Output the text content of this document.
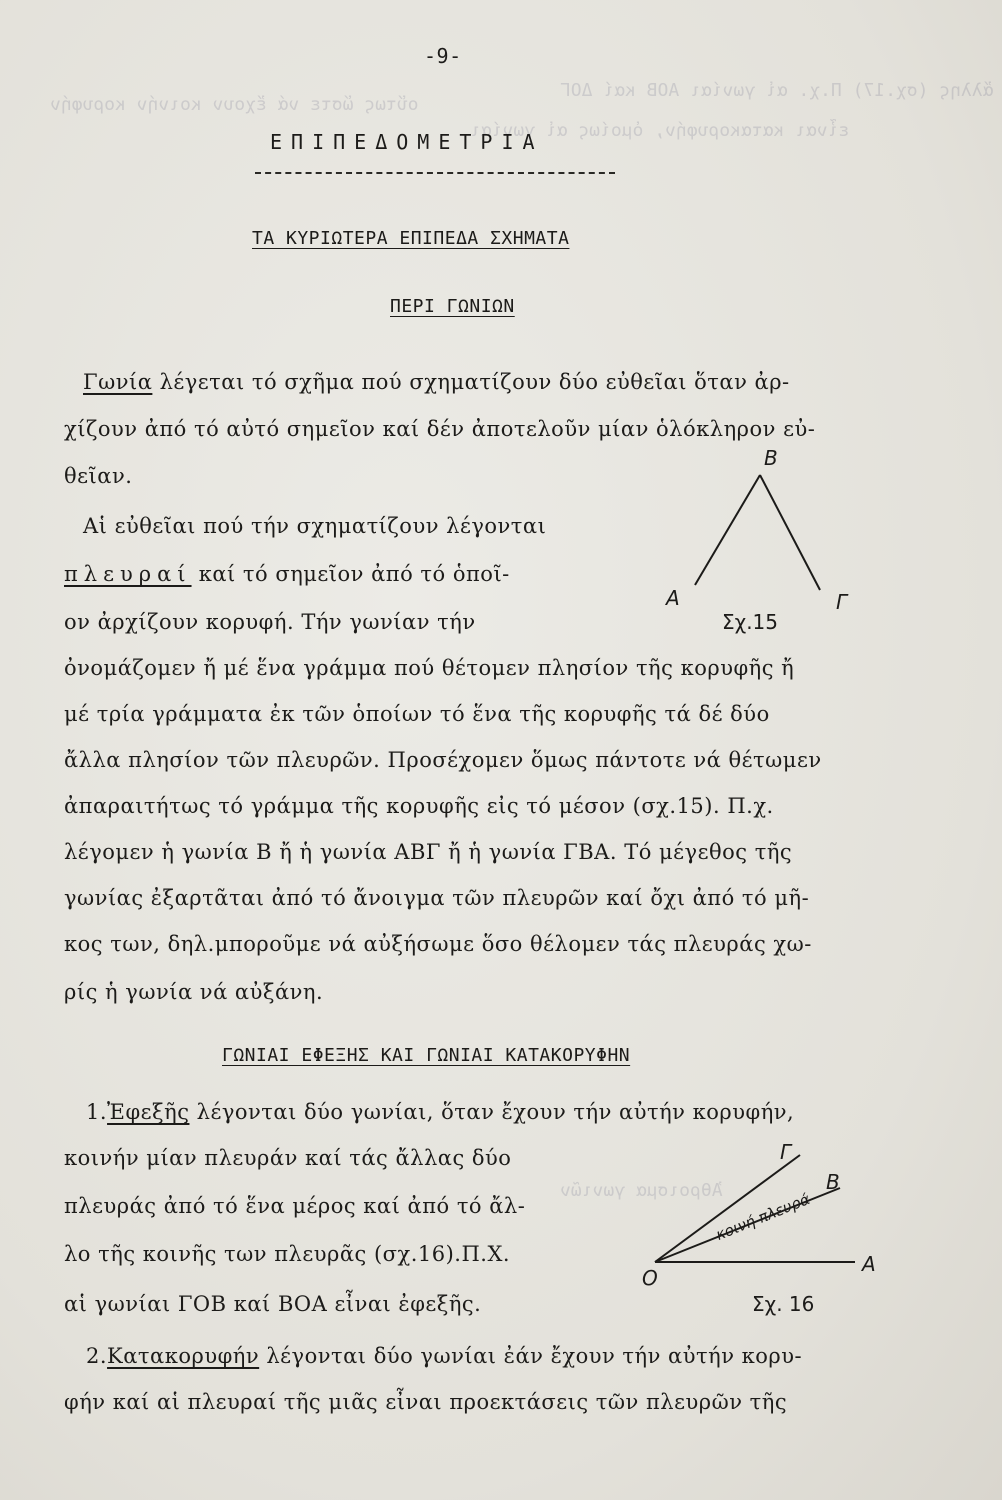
ἄλλης (σχ.17) Π.χ. αἱ γωνίαι ΑΟΒ καί ΔΟΓ
οὕτως ὥστε νά ἔχουν κοινήν κορυφήν
εἶναι κατακορυφήν, ὁμοίως αἱ γωνίαι
Ἀθροισμα γωνιῶν
-9-
ΕΠΙΠΕΔΟΜΕΤΡΙΑ
ΤΑ ΚΥΡΙΩΤΕΡΑ ΕΠΙΠΕΔΑ ΣΧΗΜΑΤΑ
ΠΕΡΙ ΓΩΝΙΩΝ
Γωνία λέγεται τό σχῆμα πού σχηματίζουν δύο εὐθεῖαι ὅταν ἀρ-
χίζουν ἀπό τό αὐτό σημεῖον καί δέν ἀποτελοῦν μίαν ὁλόκληρον εὐ-
θεῖαν.
Αἱ εὐθεῖαι πού τήν σχηματίζουν λέγονται
πλευραί καί τό σημεῖον ἀπό τό ὁποῖ-
ον ἀρχίζουν κορυφή. Τήν γωνίαν τήν
ὀνομάζομεν ἤ μέ ἕνα γράμμα πού θέτομεν πλησίον τῆς κορυφῆς ἤ
μέ τρία γράμματα ἐκ τῶν ὁποίων τό ἕνα τῆς κορυφῆς τά δέ δύο
ἄλλα πλησίον τῶν πλευρῶν. Προσέχομεν ὅμως πάντοτε νά θέτωμεν
ἀπαραιτήτως τό γράμμα τῆς κορυφῆς εἰς τό μέσον (σχ.15). Π.χ.
λέγομεν ἡ γωνία Β ἤ ἡ γωνία ΑΒΓ ἤ ἡ γωνία ΓΒΑ. Τό μέγεθος τῆς
γωνίας ἐξαρτᾶται ἀπό τό ἄνοιγμα τῶν πλευρῶν καί ὄχι ἀπό τό μῆ-
κος των, δηλ.μποροῦμε νά αὐξήσωμε ὅσο θέλομεν τάς πλευράς χω-
ρίς ἡ γωνία νά αὐξάνη.
ΓΩΝΙΑΙ ΕΦΕΞΗΣ ΚΑΙ ΓΩΝΙΑΙ ΚΑΤΑΚΟΡΥΦΗΝ
1.Ἐφεξῆς λέγονται δύο γωνίαι, ὅταν ἔχουν τήν αὐτήν κορυφήν,
κοινήν μίαν πλευράν καί τάς ἄλλας δύο
πλευράς ἀπό τό ἕνα μέρος καί ἀπό τό ἄλ-
λο τῆς κοινῆς των πλευρᾶς (σχ.16).Π.Χ.
αἱ γωνίαι ΓΟΒ καί ΒΟΑ εἶναι ἐφεξῆς.
2.Κατακορυφήν λέγονται δύο γωνίαι ἐάν ἔχουν τήν αὐτήν κορυ-
φήν καί αἱ πλευραί τῆς μιᾶς εἶναι προεκτάσεις τῶν πλευρῶν τῆς
Β
Α	Γ
Σχ.15
Ο
Α
Β
Γ
κοινή πλευρά
Σχ. 16
